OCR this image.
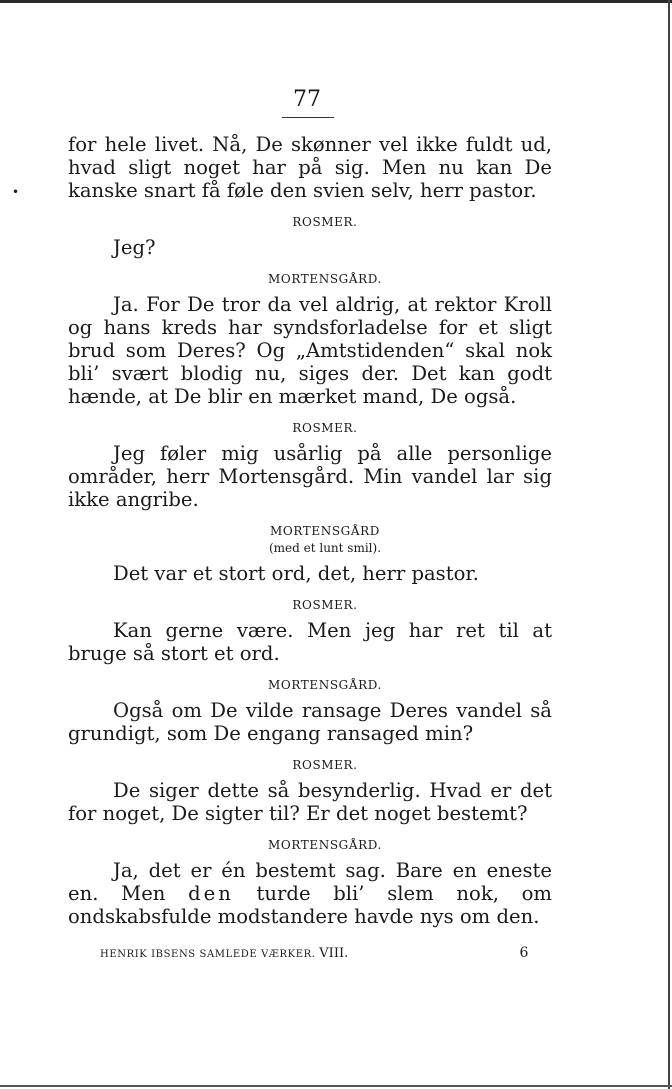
77
•

for hele livet. Nå, De skønner vel ikke fuldt ud, hvad sligt noget har på sig. Men nu kan De kanske snart få føle den svien selv, herr pastor.

ROSMER.

Jeg?

MORTENSGÅRD.

Ja. For De tror da vel aldrig, at rektor Kroll og hans kreds har syndsforladelse for et sligt brud som Deres? Og „Amtstidenden“ skal nok bli’ svært blodig nu, siges der. Det kan godt hænde, at De blir en mærket mand, De også.

ROSMER.

Jeg føler mig usårlig på alle personlige områder, herr Mortensgård. Min vandel lar sig ikke angribe.

MORTENSGÅRD
(med et lunt smil).

Det var et stort ord, det, herr pastor.

ROSMER.

Kan gerne være. Men jeg har ret til at bruge så stort et ord.

MORTENSGÅRD.

Også om De vilde ransage Deres vandel så grundigt, som De engang ransaged min?

ROSMER.

De siger dette så besynderlig. Hvad er det for noget, De sigter til? Er det noget bestemt?

MORTENSGÅRD.

Ja, det er én bestemt sag. Bare en eneste en. Men den turde bli’ slem nok, om ondskabsfulde modstandere havde nys om den.

HENRIK IBSENS SAMLEDE VÆRKER. VIII.	6
